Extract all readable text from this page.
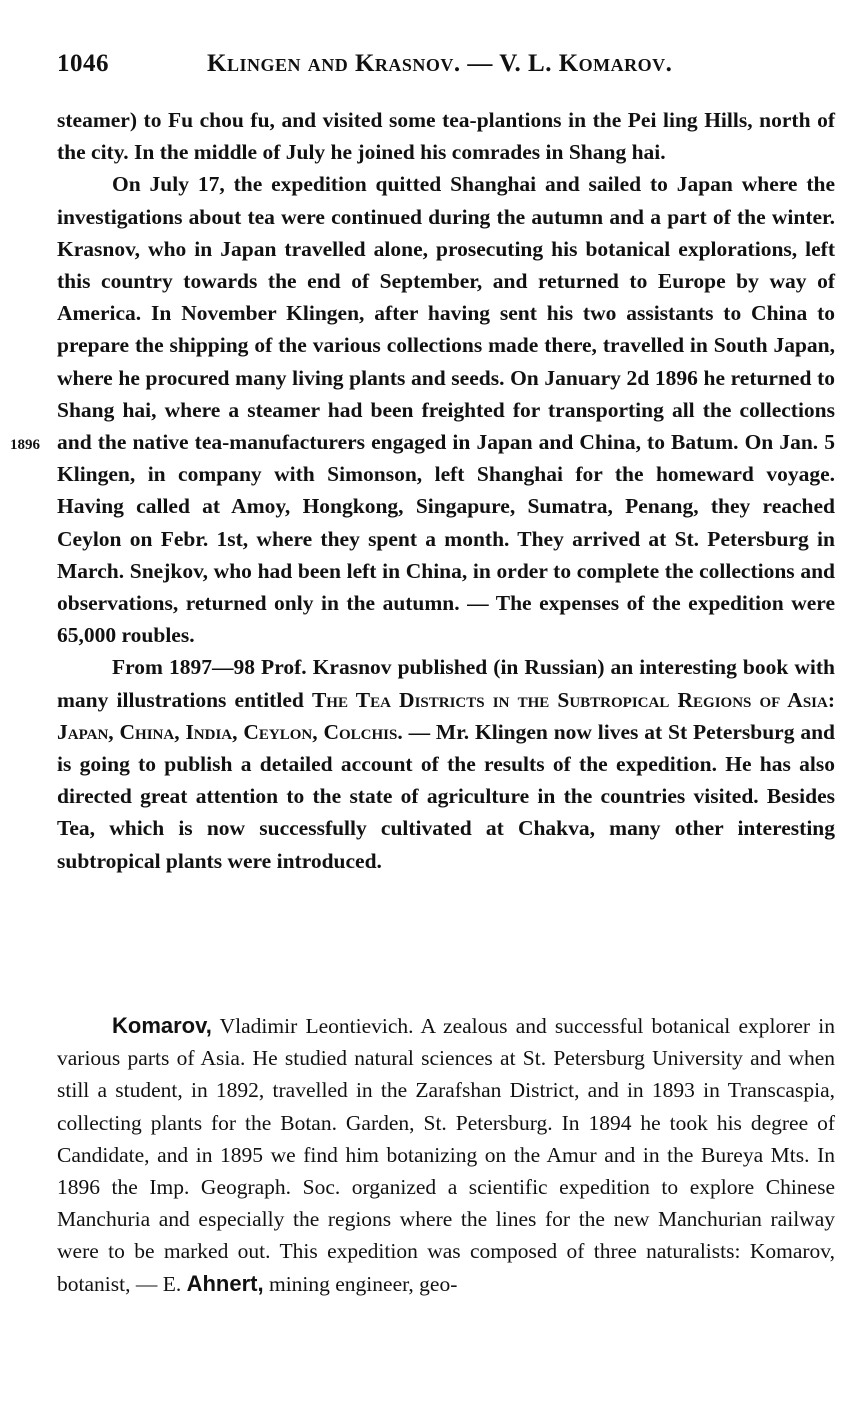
1046	Klingen and Krasnov. — V. L. Komarov.
1896

steamer) to Fu chou fu, and visited some tea-plantions in the Pei ling Hills, north of the city. In the middle of July he joined his comrades in Shang hai.

On July 17, the expedition quitted Shanghai and sailed to Japan where the investigations about tea were continued during the autumn and a part of the winter. Krasnov, who in Japan travelled alone, prosecuting his botanical explorations, left this country towards the end of September, and returned to Europe by way of America. In November Klingen, after having sent his two assistants to China to prepare the shipping of the various collections made there, travelled in South Japan, where he procured many living plants and seeds. On January 2d 1896 he returned to Shang hai, where a steamer had been freighted for transporting all the collections and the native tea-manufacturers engaged in Japan and China, to Batum. On Jan. 5 Klingen, in company with Simonson, left Shanghai for the homeward voyage. Having called at Amoy, Hongkong, Singapure, Sumatra, Penang, they reached Ceylon on Febr. 1st, where they spent a month. They arrived at St. Petersburg in March. Snejkov, who had been left in China, in order to complete the collections and observations, returned only in the autumn. — The expenses of the expedition were 65,000 roubles.

From 1897—98 Prof. Krasnov published (in Russian) an interesting book with many illustrations entitled The Tea Districts in the Subtropical Regions of Asia: Japan, China, India, Ceylon, Colchis. — Mr. Klingen now lives at St Petersburg and is going to publish a detailed account of the results of the expedition. He has also directed great attention to the state of agriculture in the countries visited. Besides Tea, which is now successfully cultivated at Chakva, many other interesting subtropical plants were introduced.

Komarov, Vladimir Leontievich. A zealous and successful botanical explorer in various parts of Asia. He studied natural sciences at St. Petersburg University and when still a student, in 1892, travelled in the Zarafshan District, and in 1893 in Transcaspia, collecting plants for the Botan. Garden, St. Petersburg. In 1894 he took his degree of Candidate, and in 1895 we find him botanizing on the Amur and in the Bureya Mts. In 1896 the Imp. Geograph. Soc. organized a scientific expedition to explore Chinese Manchuria and especially the regions where the lines for the new Manchurian railway were to be marked out. This expedition was composed of three naturalists: Komarov, botanist, — E. Ahnert, mining engineer, geo-
